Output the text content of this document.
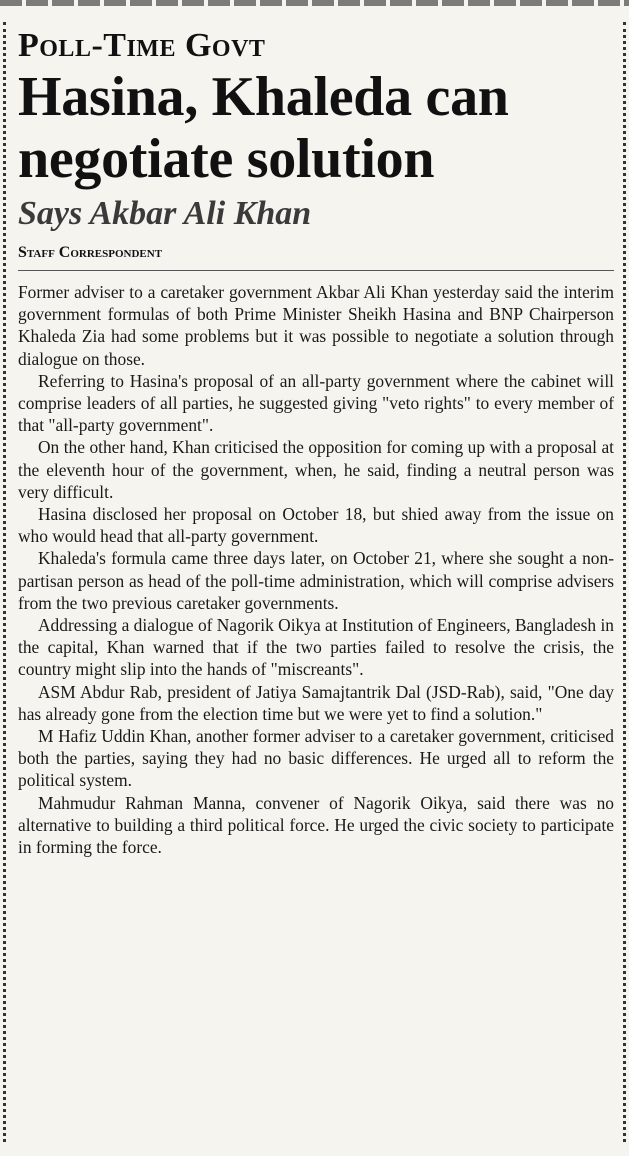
Poll-Time Govt
Hasina, Khaleda can negotiate solution
Says Akbar Ali Khan
Staff Correspondent

Former adviser to a caretaker government Akbar Ali Khan yesterday said the interim government formulas of both Prime Minister Sheikh Hasina and BNP Chairperson Khaleda Zia had some problems but it was possible to negotiate a solution through dialogue on those.

Referring to Hasina's proposal of an all-party government where the cabinet will comprise leaders of all parties, he suggested giving "veto rights" to every member of that "all-party government".

On the other hand, Khan criticised the opposition for coming up with a proposal at the eleventh hour of the government, when, he said, finding a neutral person was very difficult.

Hasina disclosed her proposal on October 18, but shied away from the issue on who would head that all-party government.

Khaleda's formula came three days later, on October 21, where she sought a non-partisan person as head of the poll-time administration, which will comprise advisers from the two previous caretaker governments.

Addressing a dialogue of Nagorik Oikya at Institution of Engineers, Bangladesh in the capital, Khan warned that if the two parties failed to resolve the crisis, the country might slip into the hands of "miscreants".

ASM Abdur Rab, president of Jatiya Samajtantrik Dal (JSD-Rab), said, "One day has already gone from the election time but we were yet to find a solution."

M Hafiz Uddin Khan, another former adviser to a caretaker government, criticised both the parties, saying they had no basic differences. He urged all to reform the political system.

Mahmudur Rahman Manna, convener of Nagorik Oikya, said there was no alternative to building a third political force. He urged the civic society to participate in forming the force.
